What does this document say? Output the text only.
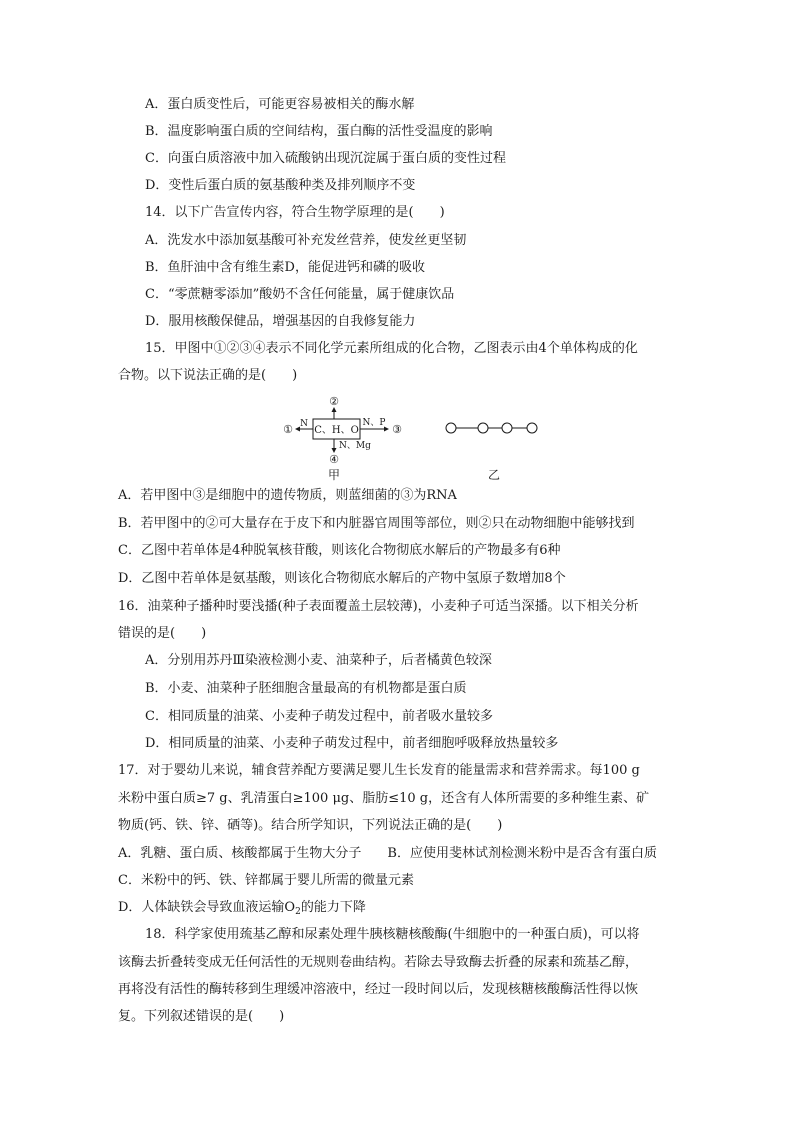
A．蛋白质变性后，可能更容易被相关的酶水解
B．温度影响蛋白质的空间结构，蛋白酶的活性受温度的影响
C．向蛋白质溶液中加入硫酸钠出现沉淀属于蛋白质的变性过程
D．变性后蛋白质的氨基酸种类及排列顺序不变
14．以下广告宣传内容，符合生物学原理的是(　　)
A．洗发水中添加氨基酸可补充发丝营养，使发丝更坚韧
B．鱼肝油中含有维生素D，能促进钙和磷的吸收
C．“零蔗糖零添加”酸奶不含任何能量，属于健康饮品
D．服用核酸保健品，增强基因的自我修复能力
15．甲图中①②③④表示不同化学元素所组成的化合物，乙图表示由4个单体构成的化
合物。以下说法正确的是(　　)
C、H、O
N
①
②
N、P ③
N、Mg
④
甲	乙
A．若甲图中③是细胞中的遗传物质，则蓝细菌的③为RNA
B．若甲图中的②可大量存在于皮下和内脏器官周围等部位，则②只在动物细胞中能够找到
C．乙图中若单体是4种脱氧核苷酸，则该化合物彻底水解后的产物最多有6种
D．乙图中若单体是氨基酸，则该化合物彻底水解后的产物中氢原子数增加8个
16．油菜种子播种时要浅播(种子表面覆盖土层较薄)，小麦种子可适当深播。以下相关分析
错误的是(　　)
A．分别用苏丹Ⅲ染液检测小麦、油菜种子，后者橘黄色较深
B．小麦、油菜种子胚细胞含量最高的有机物都是蛋白质
C．相同质量的油菜、小麦种子萌发过程中，前者吸水量较多
D．相同质量的油菜、小麦种子萌发过程中，前者细胞呼吸释放热量较多
17．对于婴幼儿来说，辅食营养配方要满足婴儿生长发育的能量需求和营养需求。每100 g
米粉中蛋白质≥7 g、乳清蛋白≥100 μg、脂肪≤10 g，还含有人体所需要的多种维生素、矿
物质(钙、铁、锌、硒等)。结合所学知识，下列说法正确的是(　　)
A．乳糖、蛋白质、核酸都属于生物大分子　　B．应使用斐林试剂检测米粉中是否含有蛋白质
C．米粉中的钙、铁、锌都属于婴儿所需的微量元素
D．人体缺铁会导致血液运输$O_2$的能力下降
18．科学家使用巯基乙醇和尿素处理牛胰核糖核酸酶(牛细胞中的一种蛋白质)，可以将
该酶去折叠转变成无任何活性的无规则卷曲结构。若除去导致酶去折叠的尿素和巯基乙醇，
再将没有活性的酶转移到生理缓冲溶液中，经过一段时间以后，发现核糖核酸酶活性得以恢
复。下列叙述错误的是(　　)
